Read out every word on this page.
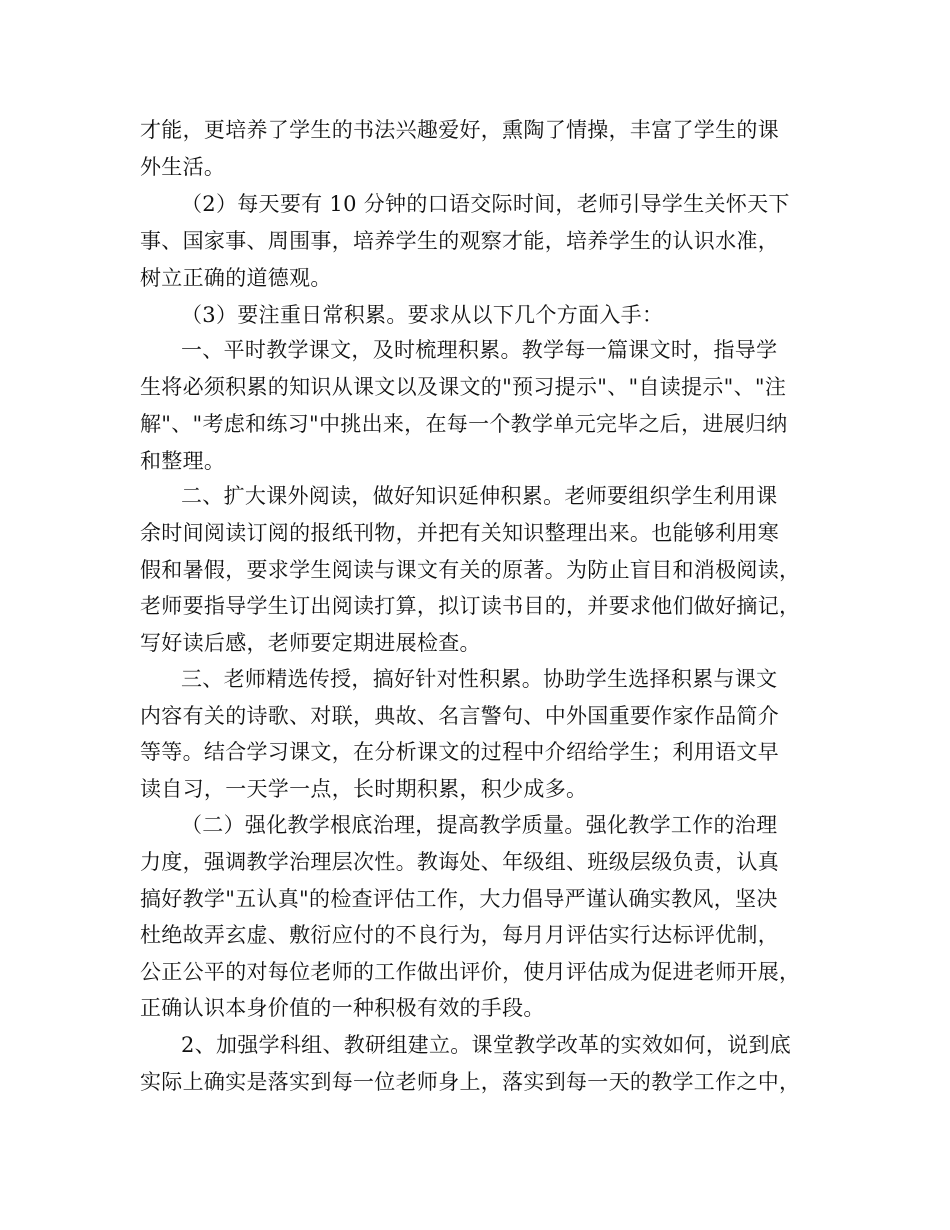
才能，更培养了学生的书法兴趣爱好，熏陶了情操，丰富了学生的课
外生活。
（2）每天要有 10 分钟的口语交际时间，老师引导学生关怀天下
事、国家事、周围事，培养学生的观察才能，培养学生的认识水准，
树立正确的道德观。
（3）要注重日常积累。要求从以下几个方面入手：
一、平时教学课文，及时梳理积累。教学每一篇课文时，指导学
生将必须积累的知识从课文以及课文的"预习提示"、"自读提示"、"注
解"、"考虑和练习"中挑出来，在每一个教学单元完毕之后，进展归纳
和整理。
二、扩大课外阅读，做好知识延伸积累。老师要组织学生利用课
余时间阅读订阅的报纸刊物，并把有关知识整理出来。也能够利用寒
假和暑假，要求学生阅读与课文有关的原著。为防止盲目和消极阅读，
老师要指导学生订出阅读打算，拟订读书目的，并要求他们做好摘记，
写好读后感，老师要定期进展检查。
三、老师精选传授，搞好针对性积累。协助学生选择积累与课文
内容有关的诗歌、对联，典故、名言警句、中外国重要作家作品简介
等等。结合学习课文，在分析课文的过程中介绍给学生；利用语文早
读自习，一天学一点，长时期积累，积少成多。
（二）强化教学根底治理，提高教学质量。强化教学工作的治理
力度，强调教学治理层次性。教诲处、年级组、班级层级负责，认真
搞好教学"五认真"的检查评估工作，大力倡导严谨认确实教风，坚决
杜绝故弄玄虚、敷衍应付的不良行为，每月月评估实行达标评优制，
公正公平的对每位老师的工作做出评价，使月评估成为促进老师开展，
正确认识本身价值的一种积极有效的手段。
2、加强学科组、教研组建立。课堂教学改革的实效如何，说到底
实际上确实是落实到每一位老师身上，落实到每一天的教学工作之中，
